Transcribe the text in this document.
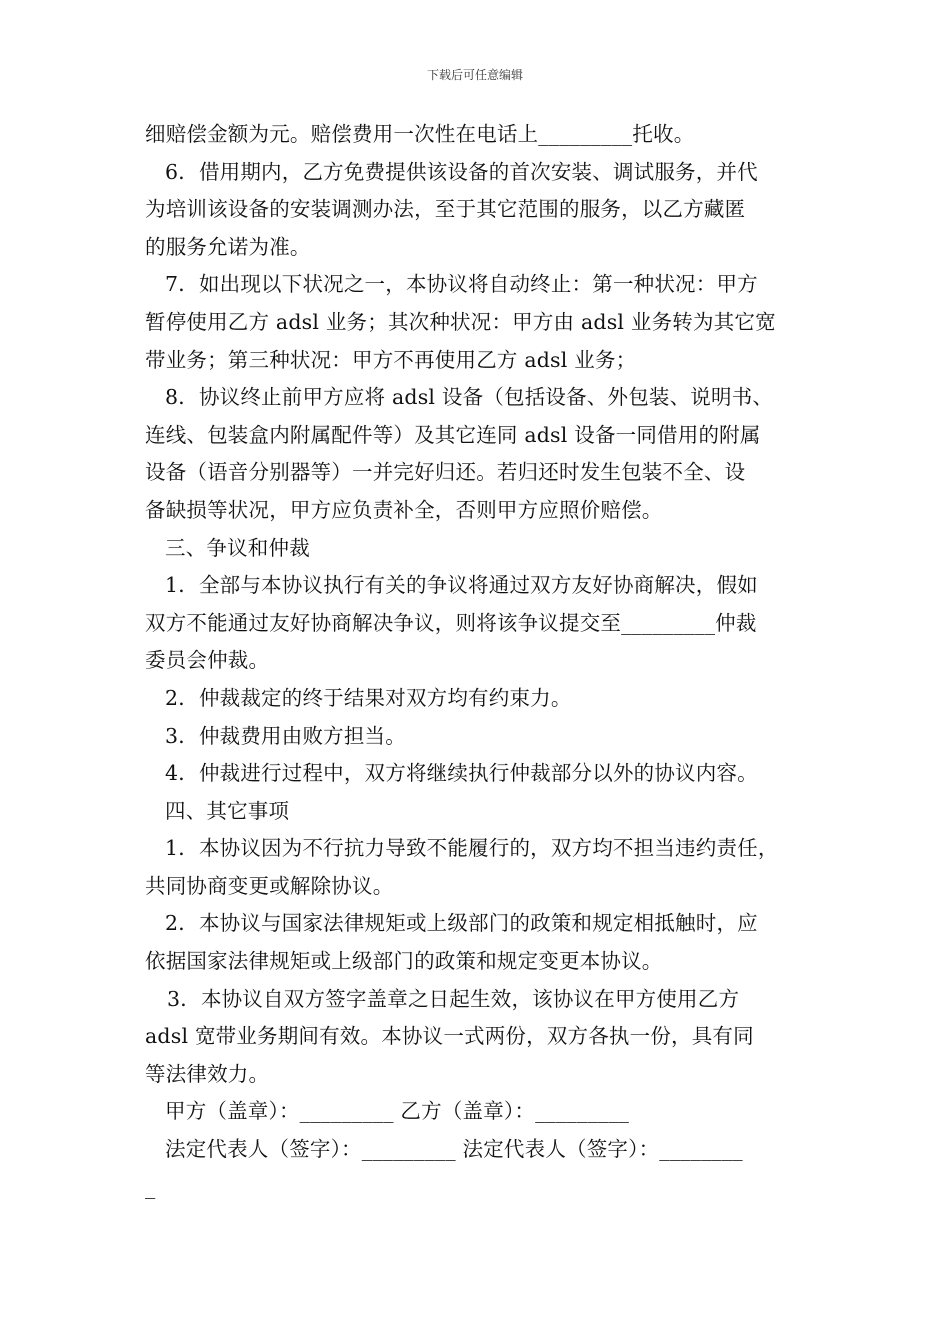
下载后可任意编辑
细赔偿金额为元。赔偿费用一次性在电话上_________托收。
6．借用期内，乙方免费提供该设备的首次安装、调试服务，并代
为培训该设备的安装调测办法，至于其它范围的服务，以乙方藏匿
的服务允诺为准。
7．如出现以下状况之一，本协议将自动终止：第一种状况：甲方
暂停使用乙方 adsl 业务；其次种状况：甲方由 adsl 业务转为其它宽
带业务；第三种状况：甲方不再使用乙方 adsl 业务；
8．协议终止前甲方应将 adsl 设备（包括设备、外包装、说明书、
连线、包装盒内附属配件等）及其它连同 adsl 设备一同借用的附属
设备（语音分别器等）一并完好归还。若归还时发生包装不全、设
备缺损等状况，甲方应负责补全，否则甲方应照价赔偿。
三、争议和仲裁
1．全部与本协议执行有关的争议将通过双方友好协商解决，假如
双方不能通过友好协商解决争议，则将该争议提交至_________仲裁
委员会仲裁。
2．仲裁裁定的终于结果对双方均有约束力。
3．仲裁费用由败方担当。
4．仲裁进行过程中，双方将继续执行仲裁部分以外的协议内容。
四、其它事项
1．本协议因为不行抗力导致不能履行的，双方均不担当违约责任，
共同协商变更或解除协议。
2．本协议与国家法律规矩或上级部门的政策和规定相抵触时，应
依据国家法律规矩或上级部门的政策和规定变更本协议。
3．本协议自双方签字盖章之日起生效，该协议在甲方使用乙方
adsl 宽带业务期间有效。本协议一式两份，双方各执一份，具有同
等法律效力。
甲方（盖章）：_________ 乙方（盖章）：_________
法定代表人（签字）：_________ 法定代表人（签字）：________
_
